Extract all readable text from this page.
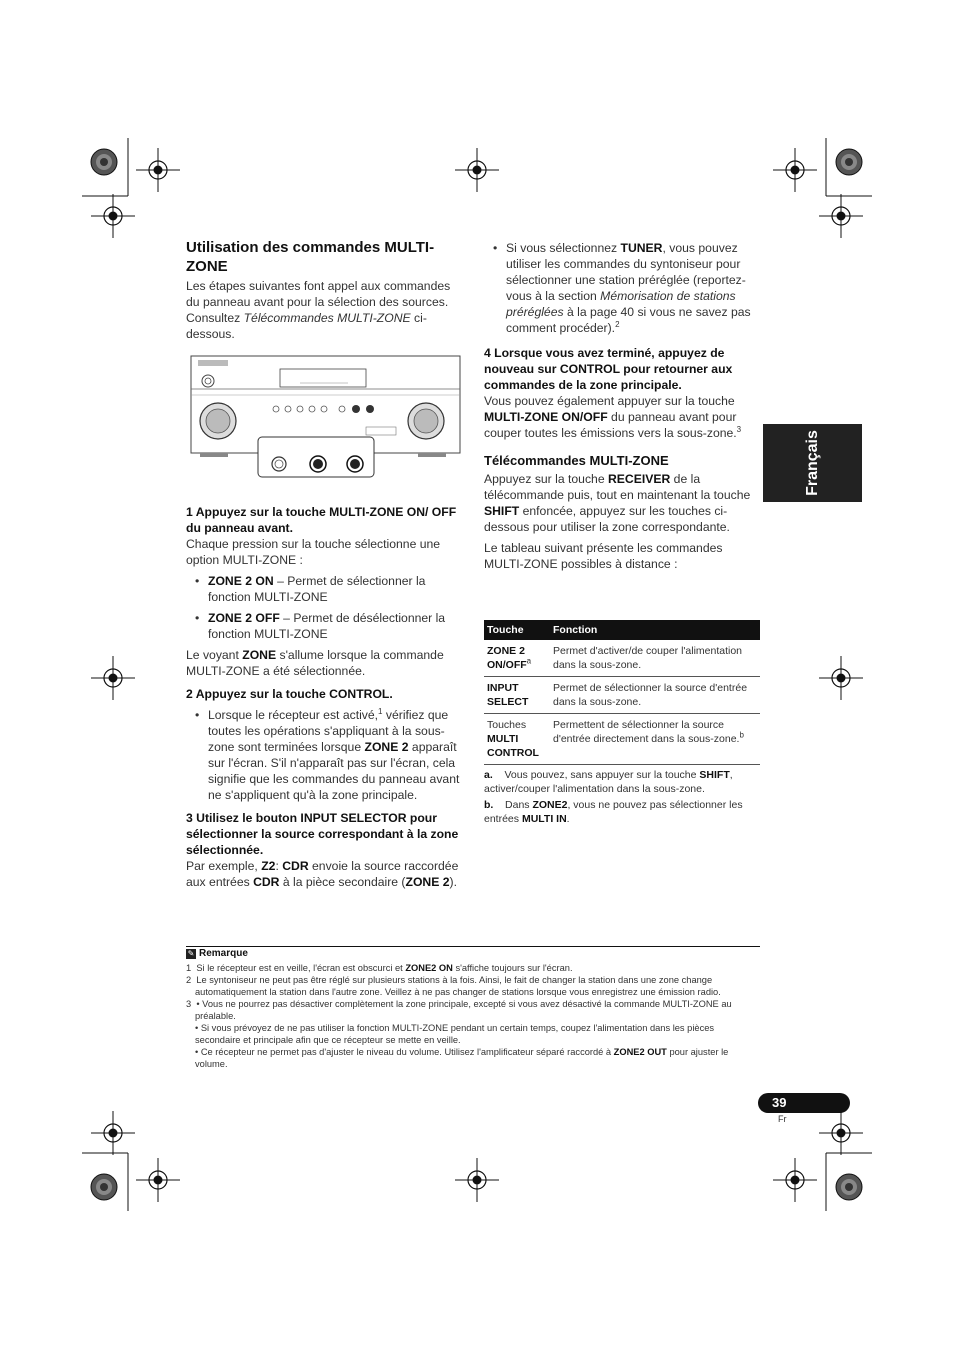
Français
Utilisation des commandes MULTI-ZONE

Les étapes suivantes font appel aux commandes du panneau avant pour la sélection des sources. Consultez Télécommandes MULTI-ZONE ci-dessous.

1 Appuyez sur la touche MULTI-ZONE ON/ OFF du panneau avant.

Chaque pression sur la touche sélectionne une option MULTI-ZONE :

• ZONE 2 ON – Permet de sélectionner la fonction MULTI-ZONE

• ZONE 2 OFF – Permet de désélectionner la fonction MULTI-ZONE

Le voyant ZONE s'allume lorsque la commande MULTI-ZONE a été sélectionnée.

2 Appuyez sur la touche CONTROL.

• Lorsque le récepteur est activé,$^1$ vérifiez que toutes les opérations s'appliquant à la sous-zone sont terminées lorsque ZONE 2 apparaît sur l'écran. S'il n'apparaît pas sur l'écran, cela signifie que les commandes du panneau avant ne s'appliquent qu'à la zone principale.

3 Utilisez le bouton INPUT SELECTOR pour sélectionner la source correspondant à la zone sélectionnée.

Par exemple, Z2: CDR envoie la source raccordée aux entrées CDR à la pièce secondaire (ZONE 2).

• Si vous sélectionnez TUNER, vous pouvez utiliser les commandes du syntoniseur pour sélectionner une station préréglée (reportez-vous à la section Mémorisation de stations préréglées à la page 40 si vous ne savez pas comment procéder).$^2$

4 Lorsque vous avez terminé, appuyez de nouveau sur CONTROL pour retourner aux commandes de la zone principale.

Vous pouvez également appuyer sur la touche MULTI-ZONE ON/OFF du panneau avant pour couper toutes les émissions vers la sous-zone.$^3$

Télécommandes MULTI-ZONE

Appuyez sur la touche RECEIVER de la télécommande puis, tout en maintenant la touche SHIFT enfoncée, appuyez sur les touches ci-dessous pour utiliser la zone correspondante.

Le tableau suivant présente les commandes MULTI-ZONE possibles à distance :

Touche	Fonction
ZONE 2
ON/OFF$^a$	Permet d'activer/de couper l'alimentation dans la sous-zone.
INPUT
SELECT	Permet de sélectionner la source d'entrée dans la sous-zone.
Touches
MULTI
CONTROL	Permettent de sélectionner la source d'entrée directement dans la sous-zone.$^b$

a. Vous pouvez, sans appuyer sur la touche SHIFT, activer/couper l'alimentation dans la sous-zone.

b. Dans ZONE2, vous ne pouvez pas sélectionner les entrées MULTI IN.

✎ Remarque

1 Si le récepteur est en veille, l'écran est obscurci et ZONE2 ON s'affiche toujours sur l'écran.

2 Le syntoniseur ne peut pas être réglé sur plusieurs stations à la fois. Ainsi, le fait de changer la station dans une zone change automatiquement la station dans l'autre zone. Veillez à ne pas changer de stations lorsque vous enregistrez une émission radio.

3 • Vous ne pourrez pas désactiver complètement la zone principale, excepté si vous avez désactivé la commande MULTI-ZONE au préalable.

• Si vous prévoyez de ne pas utiliser la fonction MULTI-ZONE pendant un certain temps, coupez l'alimentation dans les pièces secondaire et principale afin que ce récepteur se mette en veille.

• Ce récepteur ne permet pas d'ajuster le niveau du volume. Utilisez l'amplificateur séparé raccordé à ZONE2 OUT pour ajuster le volume.

39
Fr
